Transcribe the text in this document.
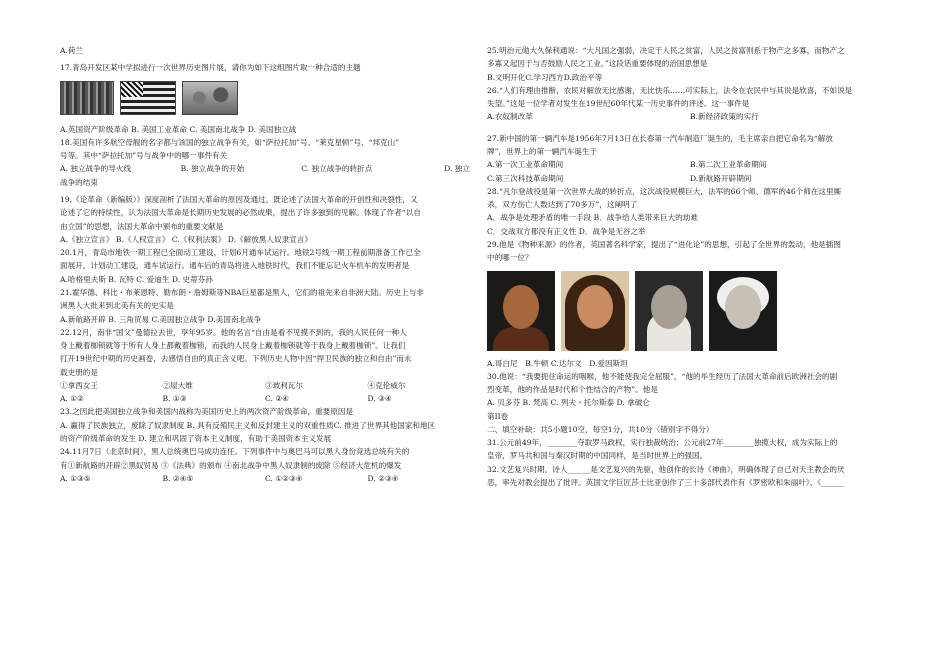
A.荷兰

17.青岛开发区某中学拟进行一次世界历史图片展，请你为如下这组图片取一种合适的主题

A.英国资产阶级革命 B. 美国工业革命 C. 美国南北战争 D. 美国独立战

18.美国有许多航空母舰的名字都与该国的独立战争有关，如“萨拉托加”号、“莱克星顿”号、“邦克山”

号等。其中“萨拉托加”号与战争中的哪一事件有关

A. 独立战争的导火线	B. 独立战争的开始	C. 独立战争的转折点	D. 独立

战争的结束

19.《论革命（新编版）》深度剖析了法国大革命的原因及通过，既论述了法国大革命的开创性和决裂性，又

论述了它的持续性，认为法国大革命是长期历史发展的必然成果，提出了许多独到的见解。体现了作者“以自

由立国”的思想，法国大革命中颁布的重要文献是

A.《独立宣言》 B.《人权宣言》 C.《权利法案》 D.《解放黑人奴隶宣言》

20.1月，青岛市地铁一期工程已全面动工建设，计划6月通车试运行。地铁2号线一期工程前期准备工作已全

面展开，计划动工建设，通车试运行。通车后的青岛将进入地铁时代，我们不能忘记火车机车的发明者是

A.哈格里夫斯 B. 瓦特 C. 爱迪生 D. 史蒂芬孙

21.霍华德、科比・布莱恩特、勒布朗・詹姆斯等NBA巨星都是黑人，它们的祖先来自非洲大陆。历史上与非

洲黑人大批来到北美有关的史实是

A.新航路开辟 B. 三角贸易 C.美国独立战争 D.美国南北战争

22.12月，南非“国父”曼德拉去世，享年95岁。他的名言“自由是看不见摸不到的，我的人民任何一种人

身上戴着枷锁就等于所有人身上都戴着枷锁，而我的人民身上戴着枷锁就等于我身上戴着枷锁”。让我们

打开19世纪中期的历史画卷，去感悟自由的真正含义吧。下列历史人物中因“捍卫民族的独立和自由”而永

载史册的是

①拿西女王	②屋大维	③玻利瓦尔	④克伦威尔
A. ①②	B. ①③	C. ②④	D. ③④

23.之因此把美国独立战争和美国内战称为美国历史上的两次资产阶级革命，重要原因是

A. 赢得了民族独立，废除了奴隶制度 B. 具有反殖民主义和反封建主义的双重性质C. 推进了世界其他国家和地区

的资产阶级革命的发生 D. 建立和巩固了资本主义制度，有助于美国资本主义发展

24.11月7日（北京时间），黑人总统奥巴马成功连任。下列事件中与奥巴马可以黑人身份竞选总统有关的

有①新航路的开辟②黑奴贸易 ③《法典》的颁布 ④南北战争中黑人奴隶制的废除 ⑤经济大危机的爆发

A. ①③⑤	B. ②④⑤	C. ①②③④	D. ②③④

25.明治元勋大久保利通说：“大凡国之强弱，决定于人民之贫富，人民之贫富则系于物产之多寡，而物产之

多寡又起因于与否鼓励人民之工业。”这段话重要体现的治国思想是

B.文明开化C.学习西方D.政治平等

26.“人们有理由推断，农民对解放无比感谢，无比快乐……可实际上，法令在农民中与其说是欣喜，不如说是

失望。”这是一位学者对发生在19世纪60年代某一历史事件的评述。这一事件是

A.农奴制改革	B.新经济政策的实行

27.新中国的第一辆汽车是1956年7月13日在长春第一汽车制造厂诞生的，毛主席亲自把它命名为“解放

牌”，世界上的第一辆汽车诞生于

A.第一次工业革命期间	B.第二次工业革命期间
C.第三次科技革命期间	D.新航路开辟期间

28.“凡尔登战役是第一次世界大战的转折点，这次战役规模巨大，法军的66个师、德军的46个师在这里厮

杀，双方伤亡人数达到了70多万”，这阐明了

A．战争是处理矛盾的唯一手段 B．战争给人类带来巨大的劫难

C．交战双方都没有正义性 D．战争是无谷之举

29.他是《物种来源》的作者，英国著名科学家，提出了“进化论”的思想，引起了全世界的轰动，他是插图

中的哪一位？

A.哥白尼　B.牛顿 C.达尔文　D.爱因斯坦

30.他说：“我要扼住命运的咽喉，他不能使我完全屈服”，“他的毕生经历了法国大革命前后欧洲社会的剧

烈变革，他的作品是时代和个性结合的产物”。他是

A. 贝多芬 B. 梵高 C. 列夫・托尔斯泰 D. 拿破仑

第II卷

二、填空补缺：共5小题10空，每空1分，共10分（错别字不得分）

31.公元前49年，________夺取罗马政权，实行独裁统治；公元前27年________独揽大权，成为实际上的

皇帝，罗马共和国与秦汉时期的中国同样，是当时世界上的强国。

32.文艺复兴时期，诗人______是文艺复兴的先驱，他创作的长诗《神曲》，明确体现了自己对天主教会的厌

恶，率先对教会提出了批评。英国文学巨匠莎士比亚创作了三十多部代表作有《罗密欧和朱丽叶》、《______
